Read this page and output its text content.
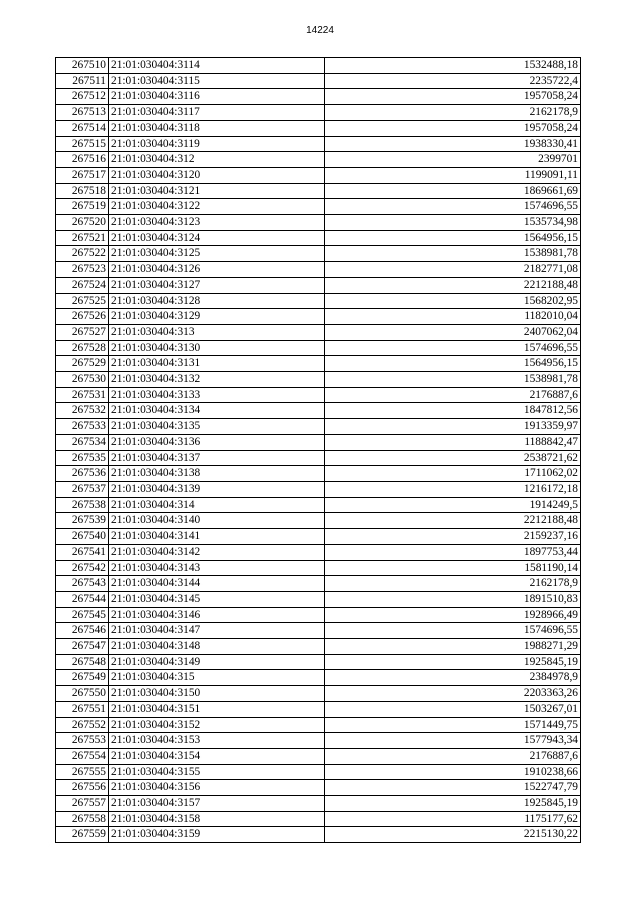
14224
267510	21:01:030404:3114	1532488,18
267511	21:01:030404:3115	2235722,4
267512	21:01:030404:3116	1957058,24
267513	21:01:030404:3117	2162178,9
267514	21:01:030404:3118	1957058,24
267515	21:01:030404:3119	1938330,41
267516	21:01:030404:312	2399701
267517	21:01:030404:3120	1199091,11
267518	21:01:030404:3121	1869661,69
267519	21:01:030404:3122	1574696,55
267520	21:01:030404:3123	1535734,98
267521	21:01:030404:3124	1564956,15
267522	21:01:030404:3125	1538981,78
267523	21:01:030404:3126	2182771,08
267524	21:01:030404:3127	2212188,48
267525	21:01:030404:3128	1568202,95
267526	21:01:030404:3129	1182010,04
267527	21:01:030404:313	2407062,04
267528	21:01:030404:3130	1574696,55
267529	21:01:030404:3131	1564956,15
267530	21:01:030404:3132	1538981,78
267531	21:01:030404:3133	2176887,6
267532	21:01:030404:3134	1847812,56
267533	21:01:030404:3135	1913359,97
267534	21:01:030404:3136	1188842,47
267535	21:01:030404:3137	2538721,62
267536	21:01:030404:3138	1711062,02
267537	21:01:030404:3139	1216172,18
267538	21:01:030404:314	1914249,5
267539	21:01:030404:3140	2212188,48
267540	21:01:030404:3141	2159237,16
267541	21:01:030404:3142	1897753,44
267542	21:01:030404:3143	1581190,14
267543	21:01:030404:3144	2162178,9
267544	21:01:030404:3145	1891510,83
267545	21:01:030404:3146	1928966,49
267546	21:01:030404:3147	1574696,55
267547	21:01:030404:3148	1988271,29
267548	21:01:030404:3149	1925845,19
267549	21:01:030404:315	2384978,9
267550	21:01:030404:3150	2203363,26
267551	21:01:030404:3151	1503267,01
267552	21:01:030404:3152	1571449,75
267553	21:01:030404:3153	1577943,34
267554	21:01:030404:3154	2176887,6
267555	21:01:030404:3155	1910238,66
267556	21:01:030404:3156	1522747,79
267557	21:01:030404:3157	1925845,19
267558	21:01:030404:3158	1175177,62
267559	21:01:030404:3159	2215130,22
